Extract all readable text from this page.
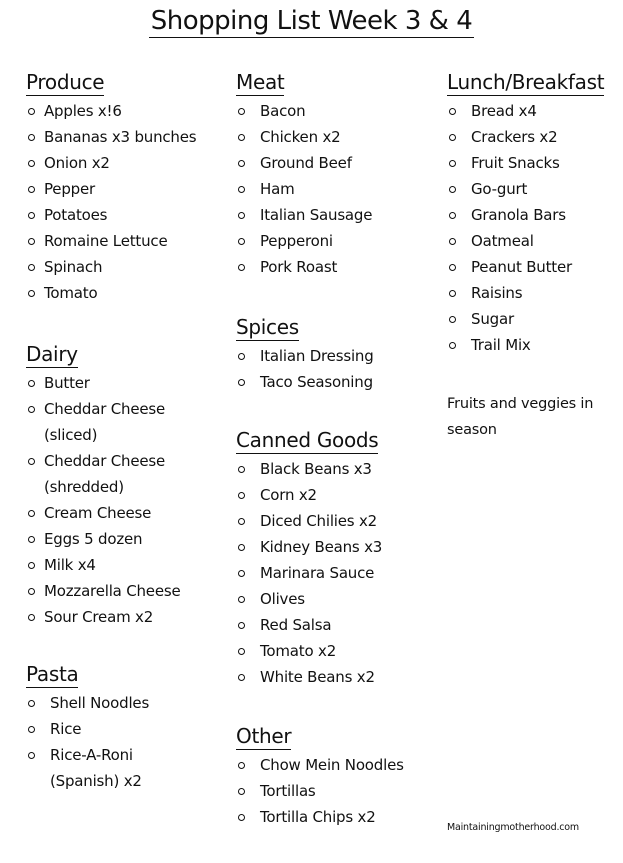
Shopping List Week 3 & 4
Produce
Apples x!6
Bananas x3 bunches
Onion x2
Pepper
Potatoes
Romaine Lettuce
Spinach
Tomato
Dairy
Butter
Cheddar Cheese (sliced)
Cheddar Cheese (shredded)
Cream Cheese
Eggs 5 dozen
Milk x4
Mozzarella Cheese
Sour Cream x2
Pasta
Shell Noodles
Rice
Rice-A-Roni (Spanish) x2
Meat
Bacon
Chicken x2
Ground Beef
Ham
Italian Sausage
Pepperoni
Pork Roast
Spices
Italian Dressing
Taco Seasoning
Canned Goods
Black Beans x3
Corn x2
Diced Chilies x2
Kidney Beans x3
Marinara Sauce
Olives
Red Salsa
Tomato x2
White Beans x2
Other
Chow Mein Noodles
Tortillas
Tortilla Chips x2
Lunch/Breakfast
Bread x4
Crackers x2
Fruit Snacks
Go-gurt
Granola Bars
Oatmeal
Peanut Butter
Raisins
Sugar
Trail Mix
Fruits and veggies in season
Maintainingmotherhood.com
